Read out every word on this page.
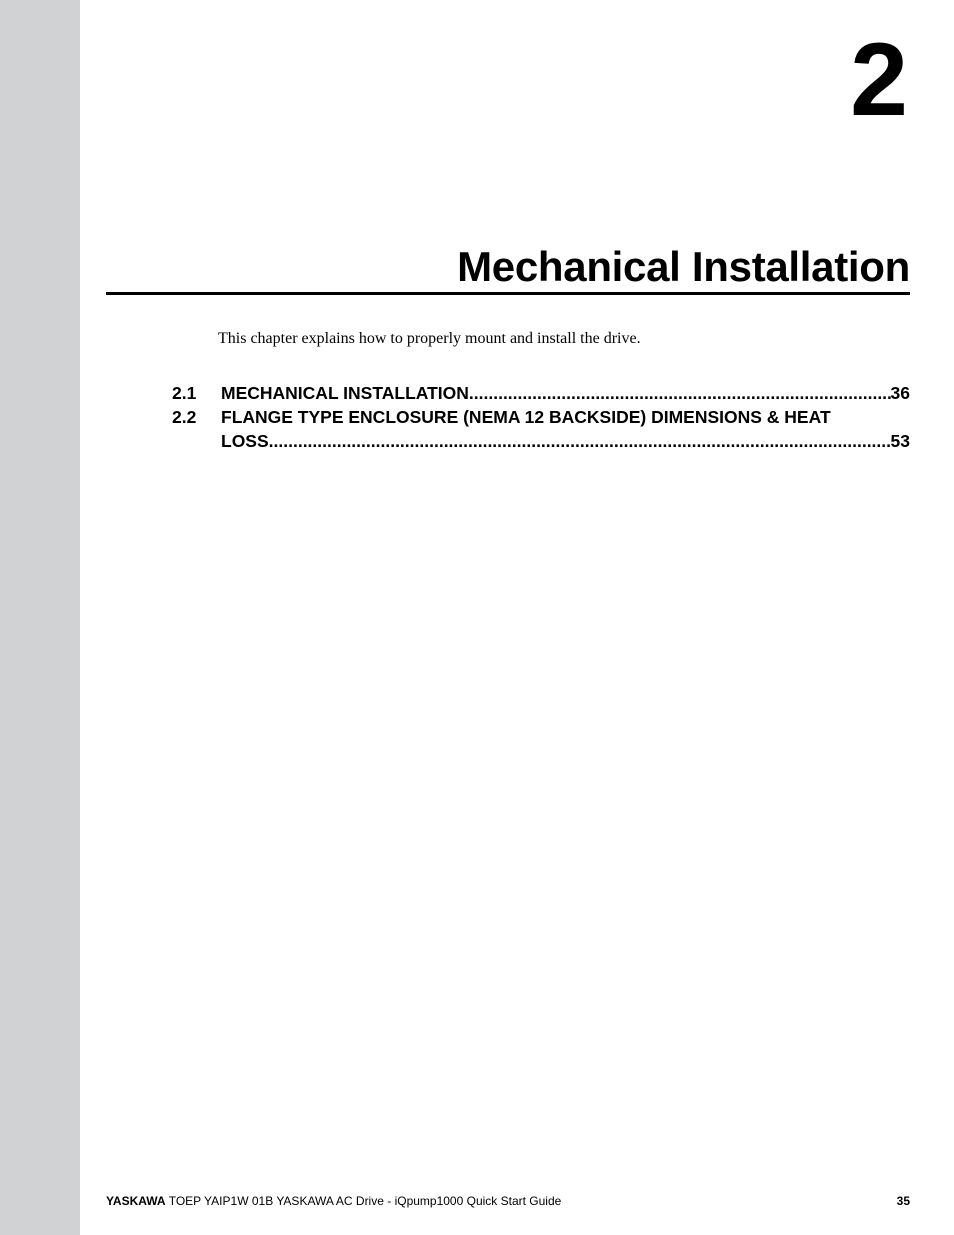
2
Mechanical Installation

This chapter explains how to properly mount and install the drive.

2.1 MECHANICAL INSTALLATION .....	36
2.2 FLANGE TYPE ENCLOSURE (NEMA 12 BACKSIDE) DIMENSIONS & HEAT
LOSS .....	53
YASKAWA TOEP YAIP1W 01B YASKAWA AC Drive - iQpump1000 Quick Start Guide	35
